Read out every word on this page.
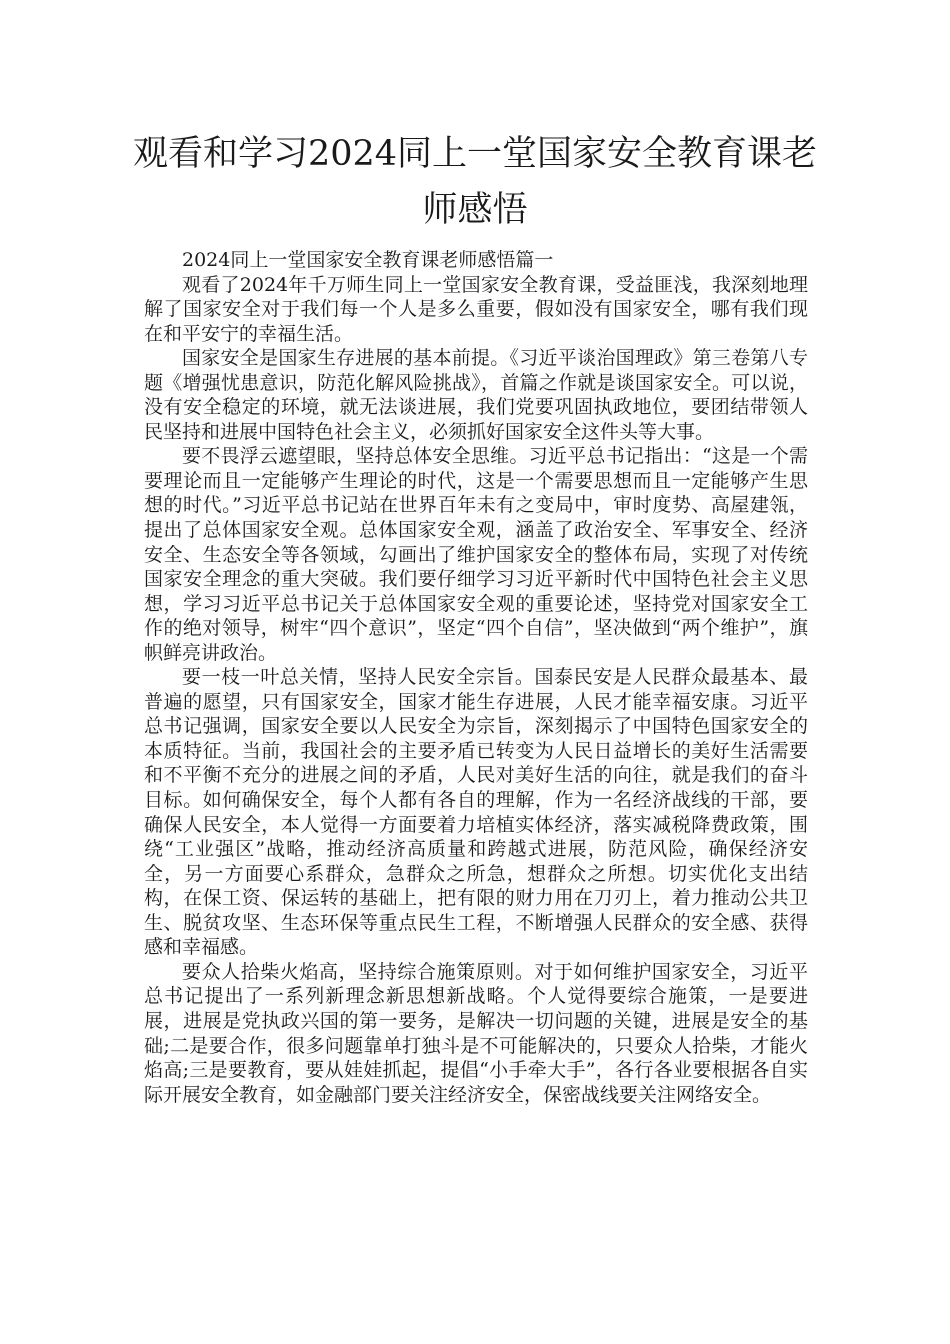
观看和学习2024同上一堂国家安全教育课老师感悟

2024同上一堂国家安全教育课老师感悟篇一

观看了2024年千万师生同上一堂国家安全教育课，受益匪浅，我深刻地理解了国家安全对于我们每一个人是多么重要，假如没有国家安全，哪有我们现在和平安宁的幸福生活。

国家安全是国家生存进展的基本前提。《习近平谈治国理政》第三卷第八专题《增强忧患意识，防范化解风险挑战》，首篇之作就是谈国家安全。可以说，没有安全稳定的环境，就无法谈进展，我们党要巩固执政地位，要团结带领人民坚持和进展中国特色社会主义，必须抓好国家安全这件头等大事。

要不畏浮云遮望眼，坚持总体安全思维。习近平总书记指出：“这是一个需要理论而且一定能够产生理论的时代，这是一个需要思想而且一定能够产生思想的时代。”习近平总书记站在世界百年未有之变局中，审时度势、高屋建瓴，提出了总体国家安全观。总体国家安全观，涵盖了政治安全、军事安全、经济安全、生态安全等各领域，勾画出了维护国家安全的整体布局，实现了对传统国家安全理念的重大突破。我们要仔细学习习近平新时代中国特色社会主义思想，学习习近平总书记关于总体国家安全观的重要论述，坚持党对国家安全工作的绝对领导，树牢“四个意识”，坚定“四个自信”，坚决做到“两个维护”，旗帜鲜亮讲政治。

要一枝一叶总关情，坚持人民安全宗旨。国泰民安是人民群众最基本、最普遍的愿望，只有国家安全，国家才能生存进展，人民才能幸福安康。习近平总书记强调，国家安全要以人民安全为宗旨，深刻揭示了中国特色国家安全的本质特征。当前，我国社会的主要矛盾已转变为人民日益增长的美好生活需要和不平衡不充分的进展之间的矛盾，人民对美好生活的向往，就是我们的奋斗目标。如何确保安全，每个人都有各自的理解，作为一名经济战线的干部，要确保人民安全，本人觉得一方面要着力培植实体经济，落实减税降费政策，围绕“工业强区”战略，推动经济高质量和跨越式进展，防范风险，确保经济安全，另一方面要心系群众，急群众之所急，想群众之所想。切实优化支出结构，在保工资、保运转的基础上，把有限的财力用在刀刃上，着力推动公共卫生、脱贫攻坚、生态环保等重点民生工程，不断增强人民群众的安全感、获得感和幸福感。

要众人拾柴火焰高，坚持综合施策原则。对于如何维护国家安全，习近平总书记提出了一系列新理念新思想新战略。个人觉得要综合施策，一是要进展，进展是党执政兴国的第一要务，是解决一切问题的关键，进展是安全的基础;二是要合作，很多问题靠单打独斗是不可能解决的，只要众人拾柴，才能火焰高;三是要教育，要从娃娃抓起，提倡“小手牵大手”，各行各业要根据各自实际开展安全教育，如金融部门要关注经济安全，保密战线要关注网络安全。
